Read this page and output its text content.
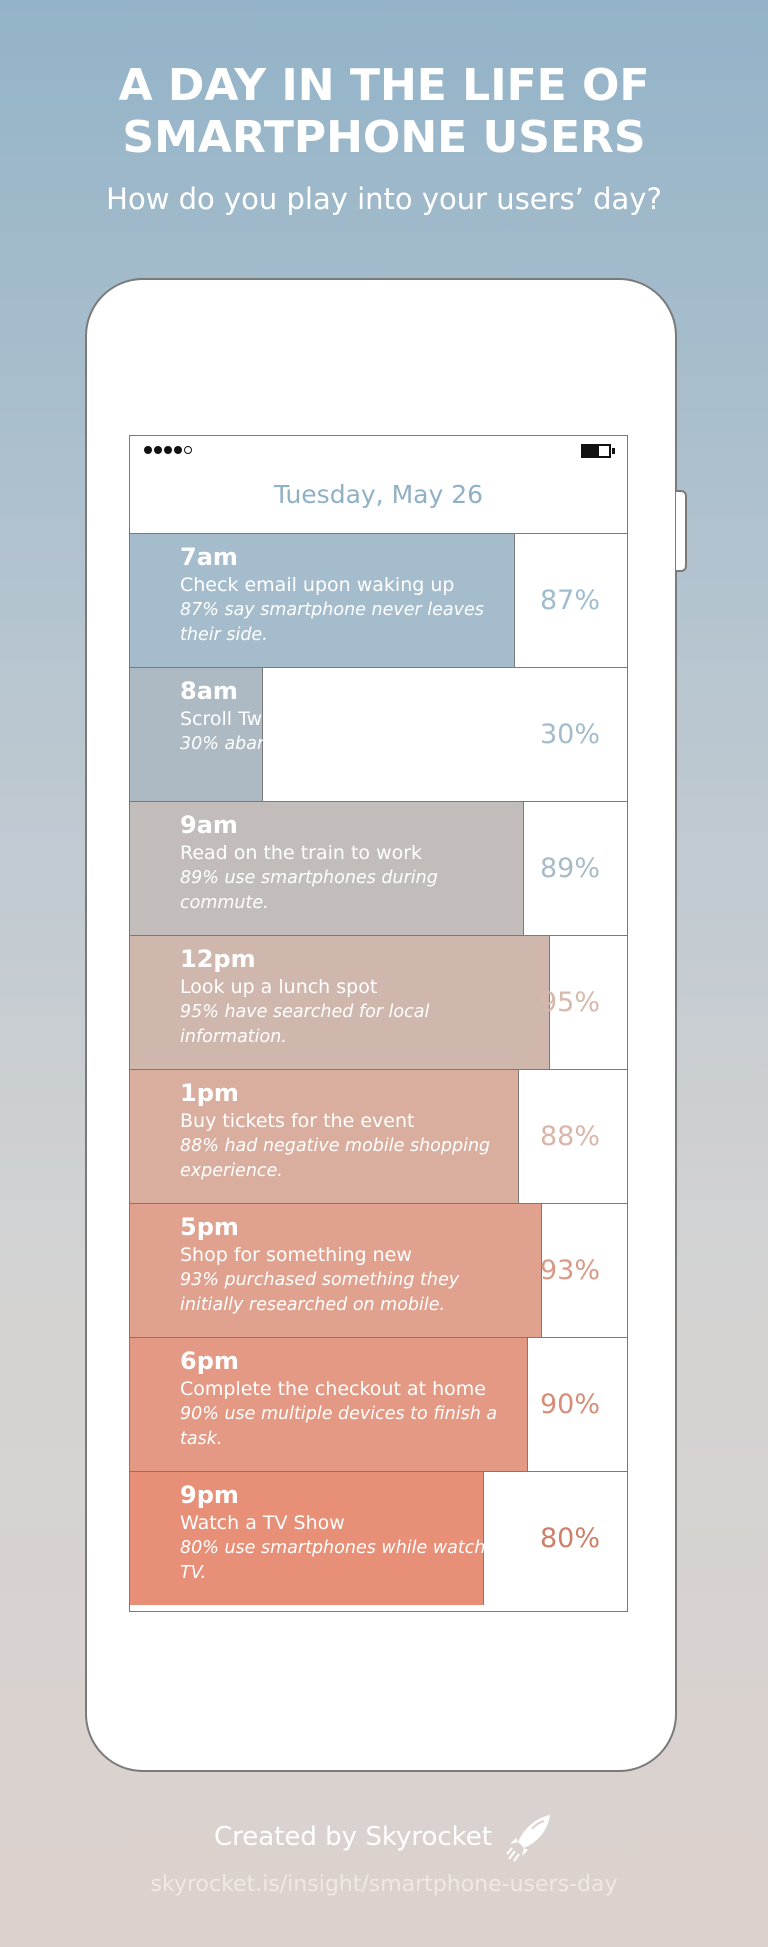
A DAY IN THE LIFE OF
SMARTPHONE USERS

How do you play into your users’ day?

Tuesday, May 26
7am
Check email upon waking up
87% say smartphone never leaves their side.
87%
8am
Scroll Twitter
30% abandon non-optimized websites. 30%
9am
Read on the train to work
89% use smartphones during commute.
89%
12pm
Look up a lunch spot
95% have searched for local information.
95%
1pm
Buy tickets for the event
88% had negative mobile shopping experience.
88%
5pm
Shop for something new
93% purchased something they initially researched on mobile.
93%
6pm
Complete the checkout at home
90% use multiple devices to finish a task.
90%
9pm
Watch a TV Show
80% use smartphones while watching TV.
80%
Created by Skyrocket
skyrocket.is/insight/smartphone-users-day
